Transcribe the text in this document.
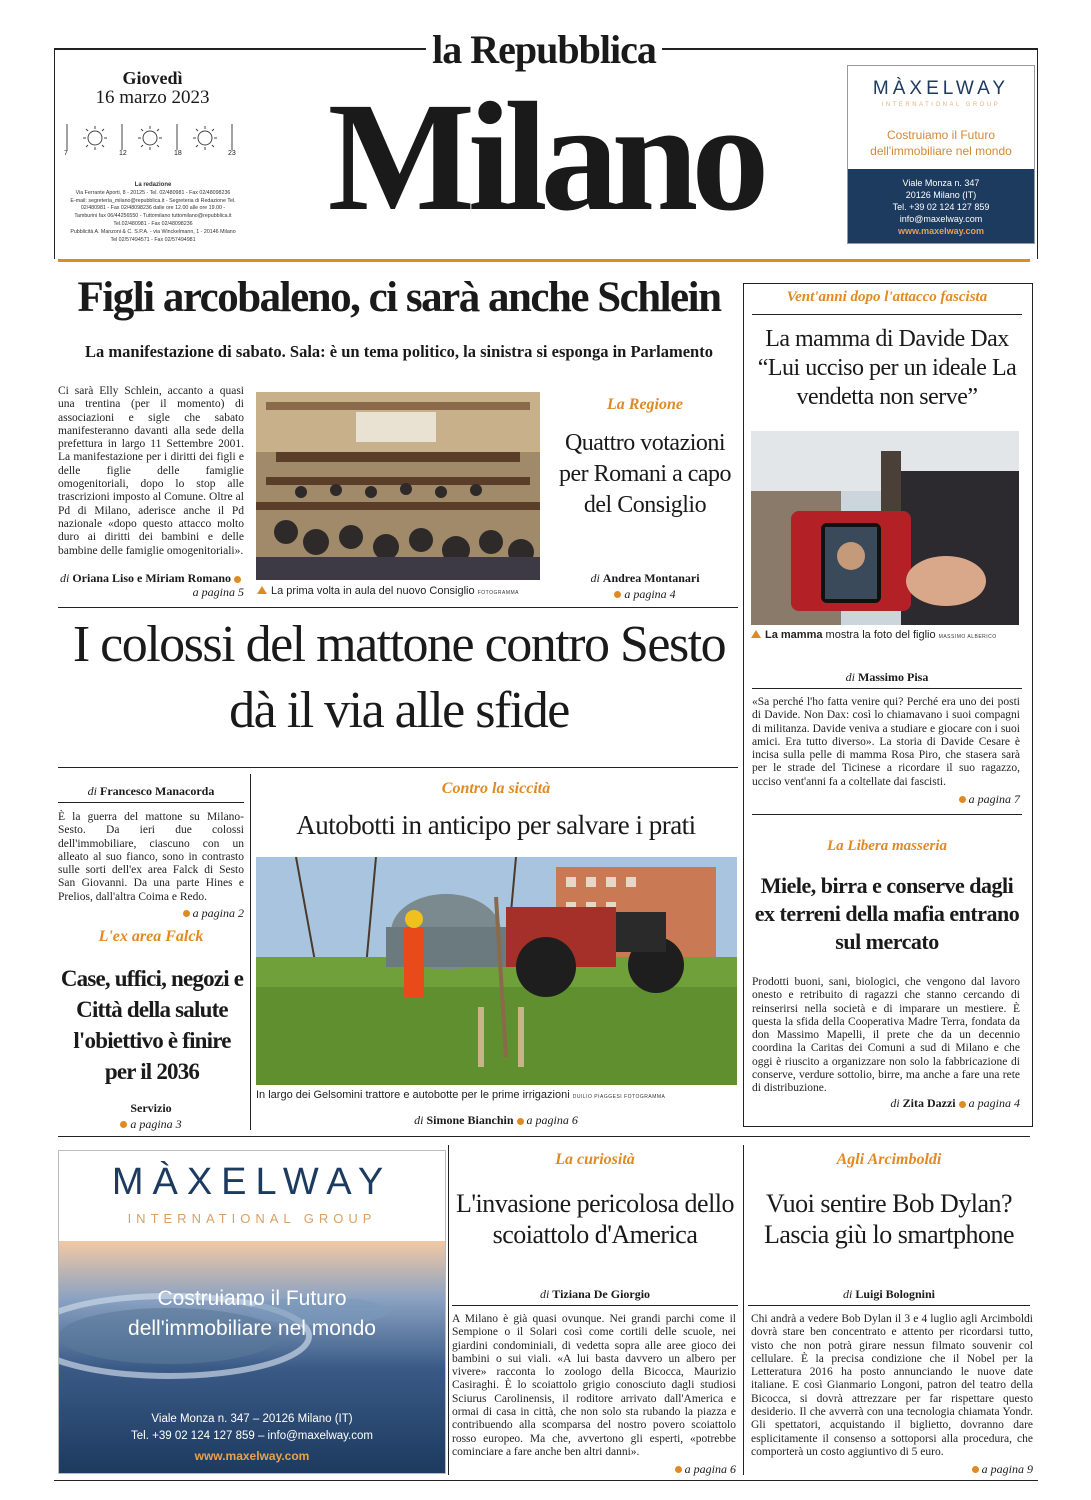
la Repubblica
Milano
Giovedì
16 marzo 2023
7	12	18	23
La redazione
Via Ferrante Aporti, 8 - 20125 - Tel. 02/480981 - Fax 02/48098236
E-mail: segreteria_milano@repubblica.it - Segreteria di Redazione Tel.
02/480981 - Fax 02/48098236 dalle ore 12.00 alle ore 19.00 -
Tamburini fax 06/44256550 - Tuttomilano tuttomilano@repubblica.it
Tel.02/480981 - Fax 02/48098236
Pubblicità A. Manzoni & C. S.P.A. - via Winckelmann, 1 - 20146 Milano
Tel 02/57494571 - Fax 02/57494981
MÀXELWAY
INTERNATIONAL GROUP
Costruiamo il Futuro
dell'immobiliare nel mondo
Viale Monza n. 347
20126 Milano (IT)
Tel. +39 02 124 127 859
info@maxelway.com
www.maxelway.com
Figli arcobaleno, ci sarà anche Schlein
La manifestazione di sabato. Sala: è un tema politico, la sinistra si esponga in Parlamento
Ci sarà Elly Schlein, accanto a quasi una trentina (per il momento) di associazioni e sigle che sabato manifesteranno davanti alla sede della prefettura in largo 11 Settembre 2001. La manifestazione per i diritti dei figli e delle figlie delle famiglie omogenitoriali, dopo lo stop alle trascrizioni imposto al Comune. Oltre al Pd di Milano, aderisce anche il Pd nazionale «dopo questo attacco molto duro ai diritti dei bambini e delle bambine delle famiglie omogenitoriali».
di Oriana Liso e Miriam Romano a pagina 5	La prima volta in aula del nuovo Consiglio FOTOGRAMMA
La Regione
Quattro votazioni per Romani a capo del Consiglio
di Andrea Montanari
a pagina 4
Vent'anni dopo l'attacco fascista
La mamma di Davide Dax “Lui ucciso per un ideale La vendetta non serve”
La mamma mostra la foto del figlio MASSIMO ALBERICO
di Massimo Pisa
«Sa perché l'ho fatta venire qui? Perché era uno dei posti di Davide. Non Dax: così lo chiamavano i suoi compagni di militanza. Davide veniva a studiare e giocare con i suoi amici. Era tutto diverso». La storia di Davide Cesare è incisa sulla pelle di mamma Rosa Piro, che stasera sarà per le strade del Ticinese a ricordare il suo ragazzo, ucciso vent'anni fa a coltellate dai fascisti.
a pagina 7
La Libera masseria
Miele, birra e conserve dagli ex terreni della mafia entrano sul mercato
Prodotti buoni, sani, biologici, che vengono dal lavoro onesto e retribuito di ragazzi che stanno cercando di reinserirsi nella società e di imparare un mestiere. È questa la sfida della Cooperativa Madre Terra, fondata da don Massimo Mapelli, il prete che da un decennio coordina la Caritas dei Comuni a sud di Milano e che oggi è riuscito a organizzare non solo la fabbricazione di conserve, verdure sottolio, birre, ma anche a fare una rete di distribuzione.
di Zita Dazzi a pagina 4
I colossi del mattone contro Sesto dà il via alle sfide
di Francesco Manacorda
È la guerra del mattone su Milano-Sesto. Da ieri due colossi dell'immobiliare, ciascuno con un alleato al suo fianco, sono in contrasto sulle sorti dell'ex area Falck di Sesto San Giovanni. Da una parte Hines e Prelios, dall'altra Coima e Redo.
a pagina 2
L'ex area Falck
Case, uffici, negozi e Città della salute l'obiettivo è finire per il 2036
Servizio
a pagina 3
Contro la siccità
Autobotti in anticipo per salvare i prati
In largo dei Gelsomini trattore e autobotte per le prime irrigazioni DUILIO PIAGGESI FOTOGRAMMA
di Simone Bianchin a pagina 6
MÀXELWAY
INTERNATIONAL GROUP
Costruiamo il Futuro
dell'immobiliare nel mondo
Viale Monza n. 347 – 20126 Milano (IT)
Tel. +39 02 124 127 859 – info@maxelway.com
www.maxelway.com
La curiosità
L'invasione pericolosa dello scoiattolo d'America
di Tiziana De Giorgio
A Milano è già quasi ovunque. Nei grandi parchi come il Sempione o il Solari così come cortili delle scuole, nei giardini condominiali, di vedetta sopra alle aree gioco dei bambini o sui viali. «A lui basta davvero un albero per vivere» racconta lo zoologo della Bicocca, Maurizio Casiraghi. È lo scoiattolo grigio conosciuto dagli studiosi Sciurus Carolinensis, il roditore arrivato dall'America e ormai di casa in città, che non solo sta rubando la piazza e contribuendo alla scomparsa del nostro povero scoiattolo rosso europeo. Ma che, avvertono gli esperti, «potrebbe cominciare a fare anche ben altri danni».
a pagina 6
Agli Arcimboldi
Vuoi sentire Bob Dylan? Lascia giù lo smartphone
di Luigi Bolognini
Chi andrà a vedere Bob Dylan il 3 e 4 luglio agli Arcimboldi dovrà stare ben concentrato e attento per ricordarsi tutto, visto che non potrà girare nessun filmato souvenir col cellulare. È la precisa condizione che il Nobel per la Letteratura 2016 ha posto annunciando le nuove date italiane. E così Gianmario Longoni, patron del teatro della Bicocca, si dovrà attrezzare per far rispettare questo desiderio. Il che avverrà con una tecnologia chiamata Yondr. Gli spettatori, acquistando il biglietto, dovranno dare esplicitamente il consenso a sottoporsi alla procedura, che comporterà un costo aggiuntivo di 5 euro.
a pagina 9
